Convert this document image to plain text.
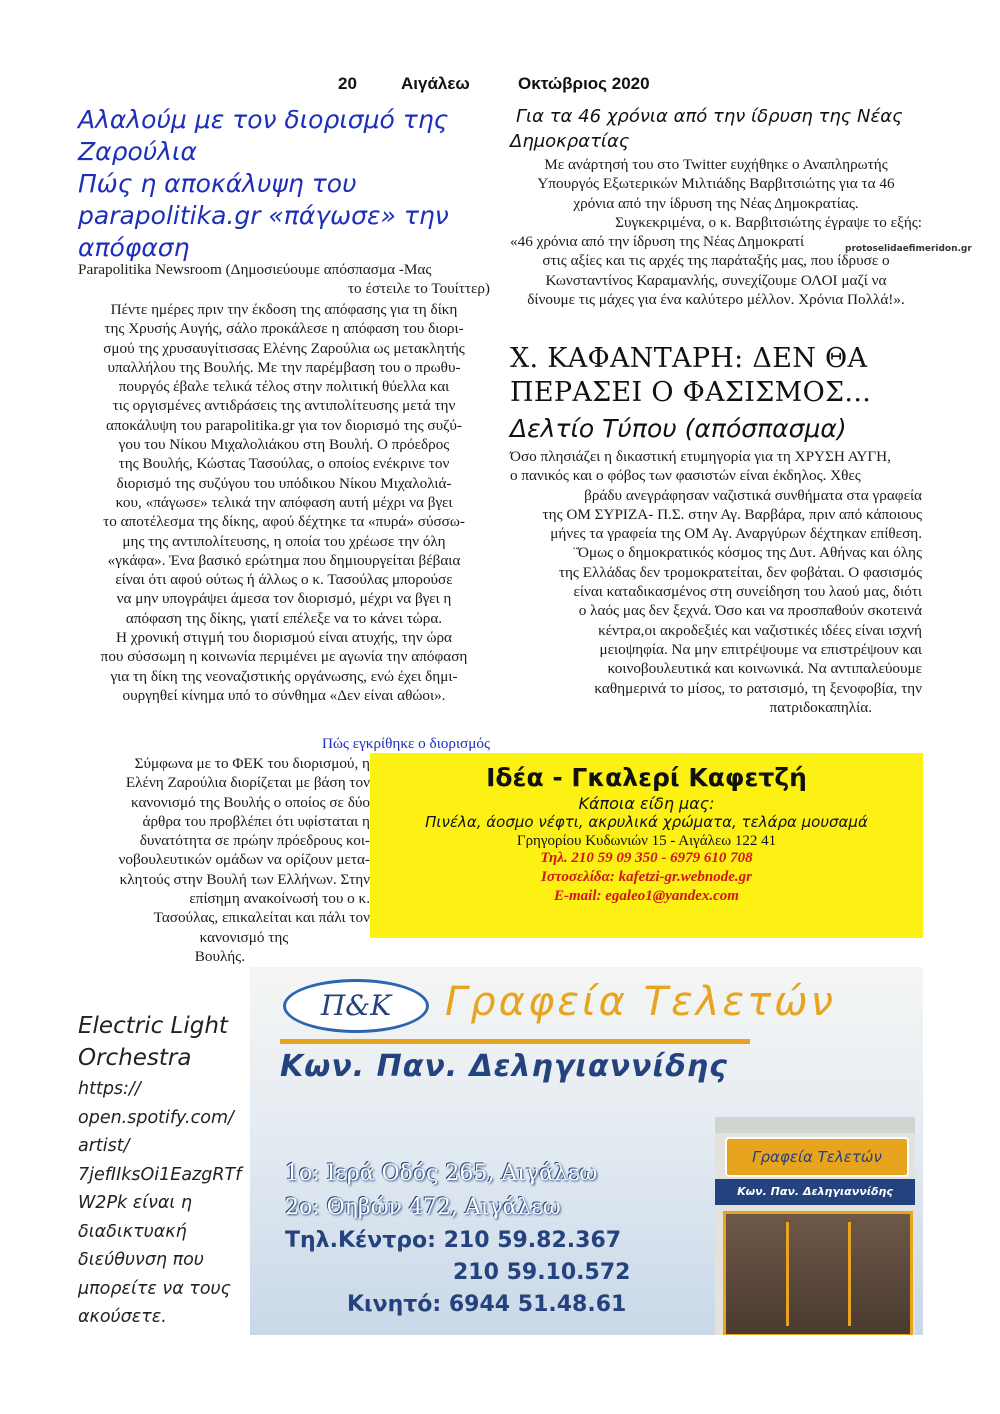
20	Αιγάλεω	Οκτώβριος 2020
Αλαλούμ με τον διορισμό της
Ζαρούλια
Πώς η αποκάλυψη του
parapolitika.gr «πάγωσε» την
απόφαση
Parapolitika Newsroom (Δημοσιεύουμε απόσπασμα -Μας
το έστειλε το Τουίττερ)
Πέντε ημέρες πριν την έκδοση της απόφασης για τη δίκη
της Χρυσής Αυγής, σάλο προκάλεσε η απόφαση του διορι-
σμού της χρυσαυγίτισσας Ελένης Ζαρούλια ως μετακλητής
υπαλλήλου της Βουλής. Με την παρέμβαση του ο πρωθυ-
πουργός έβαλε τελικά τέλος στην πολιτική θύελλα και
τις οργισμένες αντιδράσεις της αντιπολίτευσης μετά την
αποκάλυψη του parapolitika.gr για τον διορισμό της συζύ-
γου του Νίκου Μιχαλολιάκου στη Βουλή. Ο πρόεδρος
της Βουλής, Κώστας Τασούλας, ο οποίος ενέκρινε τον
διορισμό της συζύγου του υπόδικου Νίκου Μιχαλολιά-
κου, «πάγωσε» τελικά την απόφαση αυτή μέχρι να βγει
το αποτέλεσμα της δίκης, αφού δέχτηκε τα «πυρά» σύσσω-
μης της αντιπολίτευσης, η οποία του χρέωσε την όλη
«γκάφα». Ένα βασικό ερώτημα που δημιουργείται βέβαια
είναι ότι αφού ούτως ή άλλως ο κ. Τασούλας μπορούσε
να μην υπογράψει άμεσα τον διορισμό, μέχρι να βγει η
απόφαση της δίκης, γιατί επέλεξε να το κάνει τώρα.
Η χρονική στιγμή του διορισμού είναι ατυχής, την ώρα
που σύσσωμη η κοινωνία περιμένει με αγωνία την απόφαση
για τη δίκη της νεοναζιστικής οργάνωσης, ενώ έχει δημι-
ουργηθεί κίνημα υπό το σύνθημα «Δεν είναι αθώοι».
Πώς εγκρίθηκε ο διορισμός
Σύμφωνα με το ΦΕΚ του διορισμού, η
Ελένη Ζαρούλια διορίζεται με βάση τον
κανονισμό της Βουλής ο οποίος σε δύο
άρθρα του προβλέπει ότι υφίσταται η
δυνατότητα σε πρώην πρόεδρους κοι-
νοβουλευτικών ομάδων να ορίζουν μετα-
κλητούς στην Βουλή των Ελλήνων. Στην
επίσημη ανακοίνωσή του ο κ.
Τασούλας, επικαλείται και πάλι τον
κανονισμό της
Βουλής.
Για τα 46 χρόνια από την ίδρυση της Νέας
Δημοκρατίας
Με ανάρτησή του στο Twitter ευχήθηκε ο Αναπληρωτής
Υπουργός Εξωτερικών Μιλτιάδης Βαρβιτσιώτης για τα 46
χρόνια από την ίδρυση της Νέας Δημοκρατίας.
Συγκεκριμένα, ο κ. Βαρβιτσιώτης έγραψε το εξής:
«46 χρόνια από την ίδρυση της Νέας Δημοκρατί
στις αξίες και τις αρχές της παράταξής μας, που ίδρυσε ο
Κωνσταντίνος Καραμανλής, συνεχίζουμε ΟΛΟΙ μαζί να
δίνουμε τις μάχες για ένα καλύτερο μέλλον. Χρόνια Πολλά!».
protoselidaefimeridon.gr
Χ. ΚΑΦΑΝΤΑΡΗ: ΔΕΝ ΘΑ
ΠΕΡΑΣΕΙ Ο ΦΑΣΙΣΜΟΣ...
Δελτίο Τύπου (απόσπασμα)
Όσο πλησιάζει η δικαστική ετυμηγορία για τη ΧΡΥΣΗ ΑΥΓΗ,
ο πανικός και ο φόβος των φασιστών είναι έκδηλος. Χθες
βράδυ ανεγράφησαν ναζιστικά συνθήματα στα γραφεία
της ΟΜ ΣΥΡΙΖΑ- Π.Σ. στην Αγ. Βαρβάρα, πριν από κάποιους
μήνες τα γραφεία της ΟΜ Αγ. Αναργύρων δέχτηκαν επίθεση.
¨Όμως ο δημοκρατικός κόσμος της Δυτ. Αθήνας και όλης
της Ελλάδας δεν τρομοκρατείται, δεν φοβάται. Ο φασισμός
είναι καταδικασμένος στη συνείδηση του λαού μας, διότι
ο λαός μας δεν ξεχνά. Όσο και να προσπαθούν σκοτεινά
κέντρα,οι ακροδεξιές και ναζιστικές ιδέες είναι ισχνή
μειοψηφία. Να μην επιτρέψουμε να επιστρέψουν και
κοινοβουλευτικά και κοινωνικά. Να αντιπαλεύουμε
καθημερινά το μίσος, το ρατσισμό, τη ξενοφοβία, την
πατριδοκαπηλία.
Ιδέα - Γκαλερί Καφετζή
Κάποια είδη μας:
Πινέλα, άοσμο νέφτι, ακρυλικά χρώματα, τελάρα μουσαμά
Γρηγορίου Κυδωνιών 15 - Αιγάλεω 122 41
Τηλ. 210 59 09 350 - 6979 610 708
Ιστοσελίδα: kafetzi-gr.webnode.gr
E-mail: egaleo1@yandex.com
Π&Κ	Γραφεία Τελετών
Κων. Παν. Δεληγιαννίδης
1ο: Ιερά Οδός 265, Αιγάλεω
2ο: Θηβών 472, Αιγάλεω
Τηλ.Κέντρο: 210 59.82.367
210 59.10.572
Κινητό: 6944 51.48.61
Γραφεία Τελετών
Κων. Παν. Δεληγιαννίδης
Electric Light
Orchestra
https://
open.spotify.com/
artist/
7jefIIksOi1EazgRTf
W2Pk είναι η
διαδικτυακή
διεύθυνση που
μπορείτε να τους
ακούσετε.
